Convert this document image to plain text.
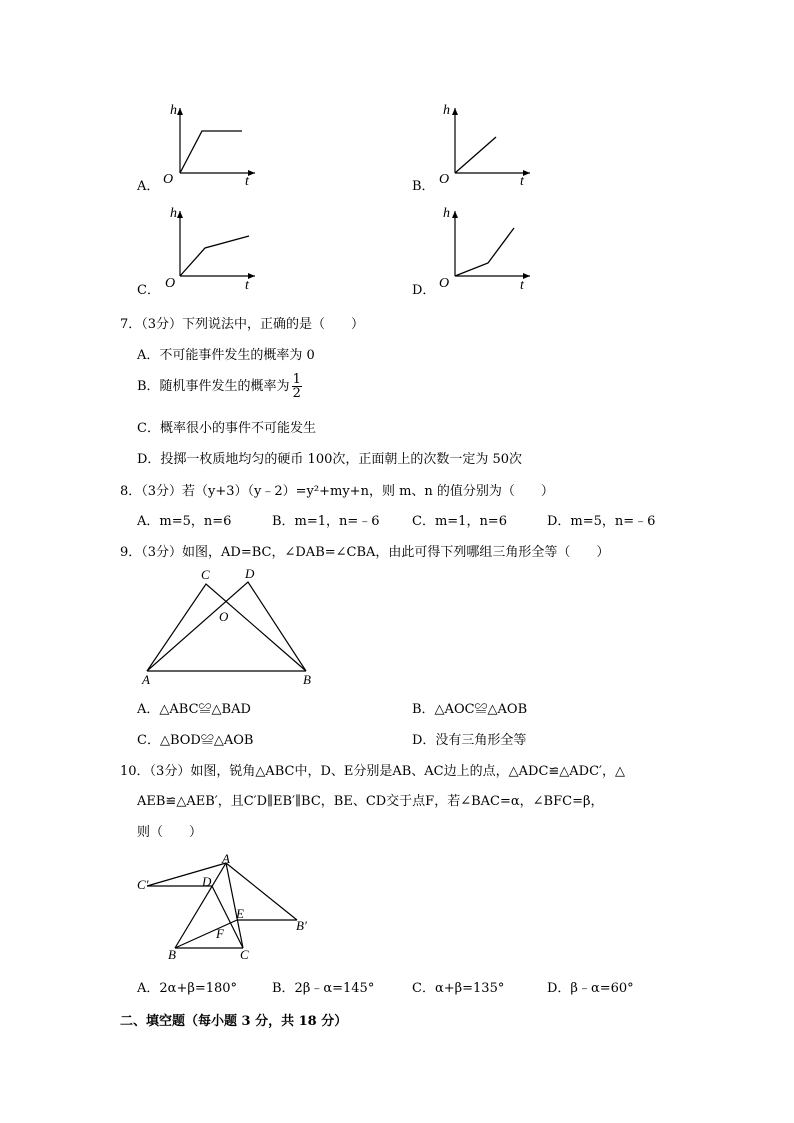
A．
h
O	t	B．
h
O	t
C．
h
O	t	D．
h
O	t
7．（3分）下列说法中，正确的是（　　）
A．不可能事件发生的概率为 0
B．随机事件发生的概率为 $\frac{1}{2}$
C．概率很小的事件不可能发生
D．投掷一枚质地均匀的硬币 100次，正面朝上的次数一定为 50次
8．（3分）若（y+3）（y﹣2）=y²+my+n，则 m、n 的值分别为（　　）
A．m=5，n=6	B．m=1，n=﹣6 C．m=1，n=6	D．m=5，n=﹣6
9．（3分）如图，AD=BC，∠DAB=∠CBA，由此可得下列哪组三角形全等（　　）
C	D
O
A	B
A．△ABC≌△BAD	B．△AOC≌△AOB
C．△BOD≌△AOB	D．没有三角形全等
10．（3分）如图，锐角△ABC中，D、E分别是AB、AC边上的点，△ADC≌△ADC′，△
AEB≌△AEB′，且C′D∥EB′∥BC，BE、CD交于点F，若∠BAC=α，∠BFC=β，
则（　　）
A
C′	D
E
F
B′
B	C
A．2α+β=180°	B．2β﹣α=145°	C．α+β=135°	D．β﹣α=60°
二、填空题（每小题 3 分，共 18 分）
